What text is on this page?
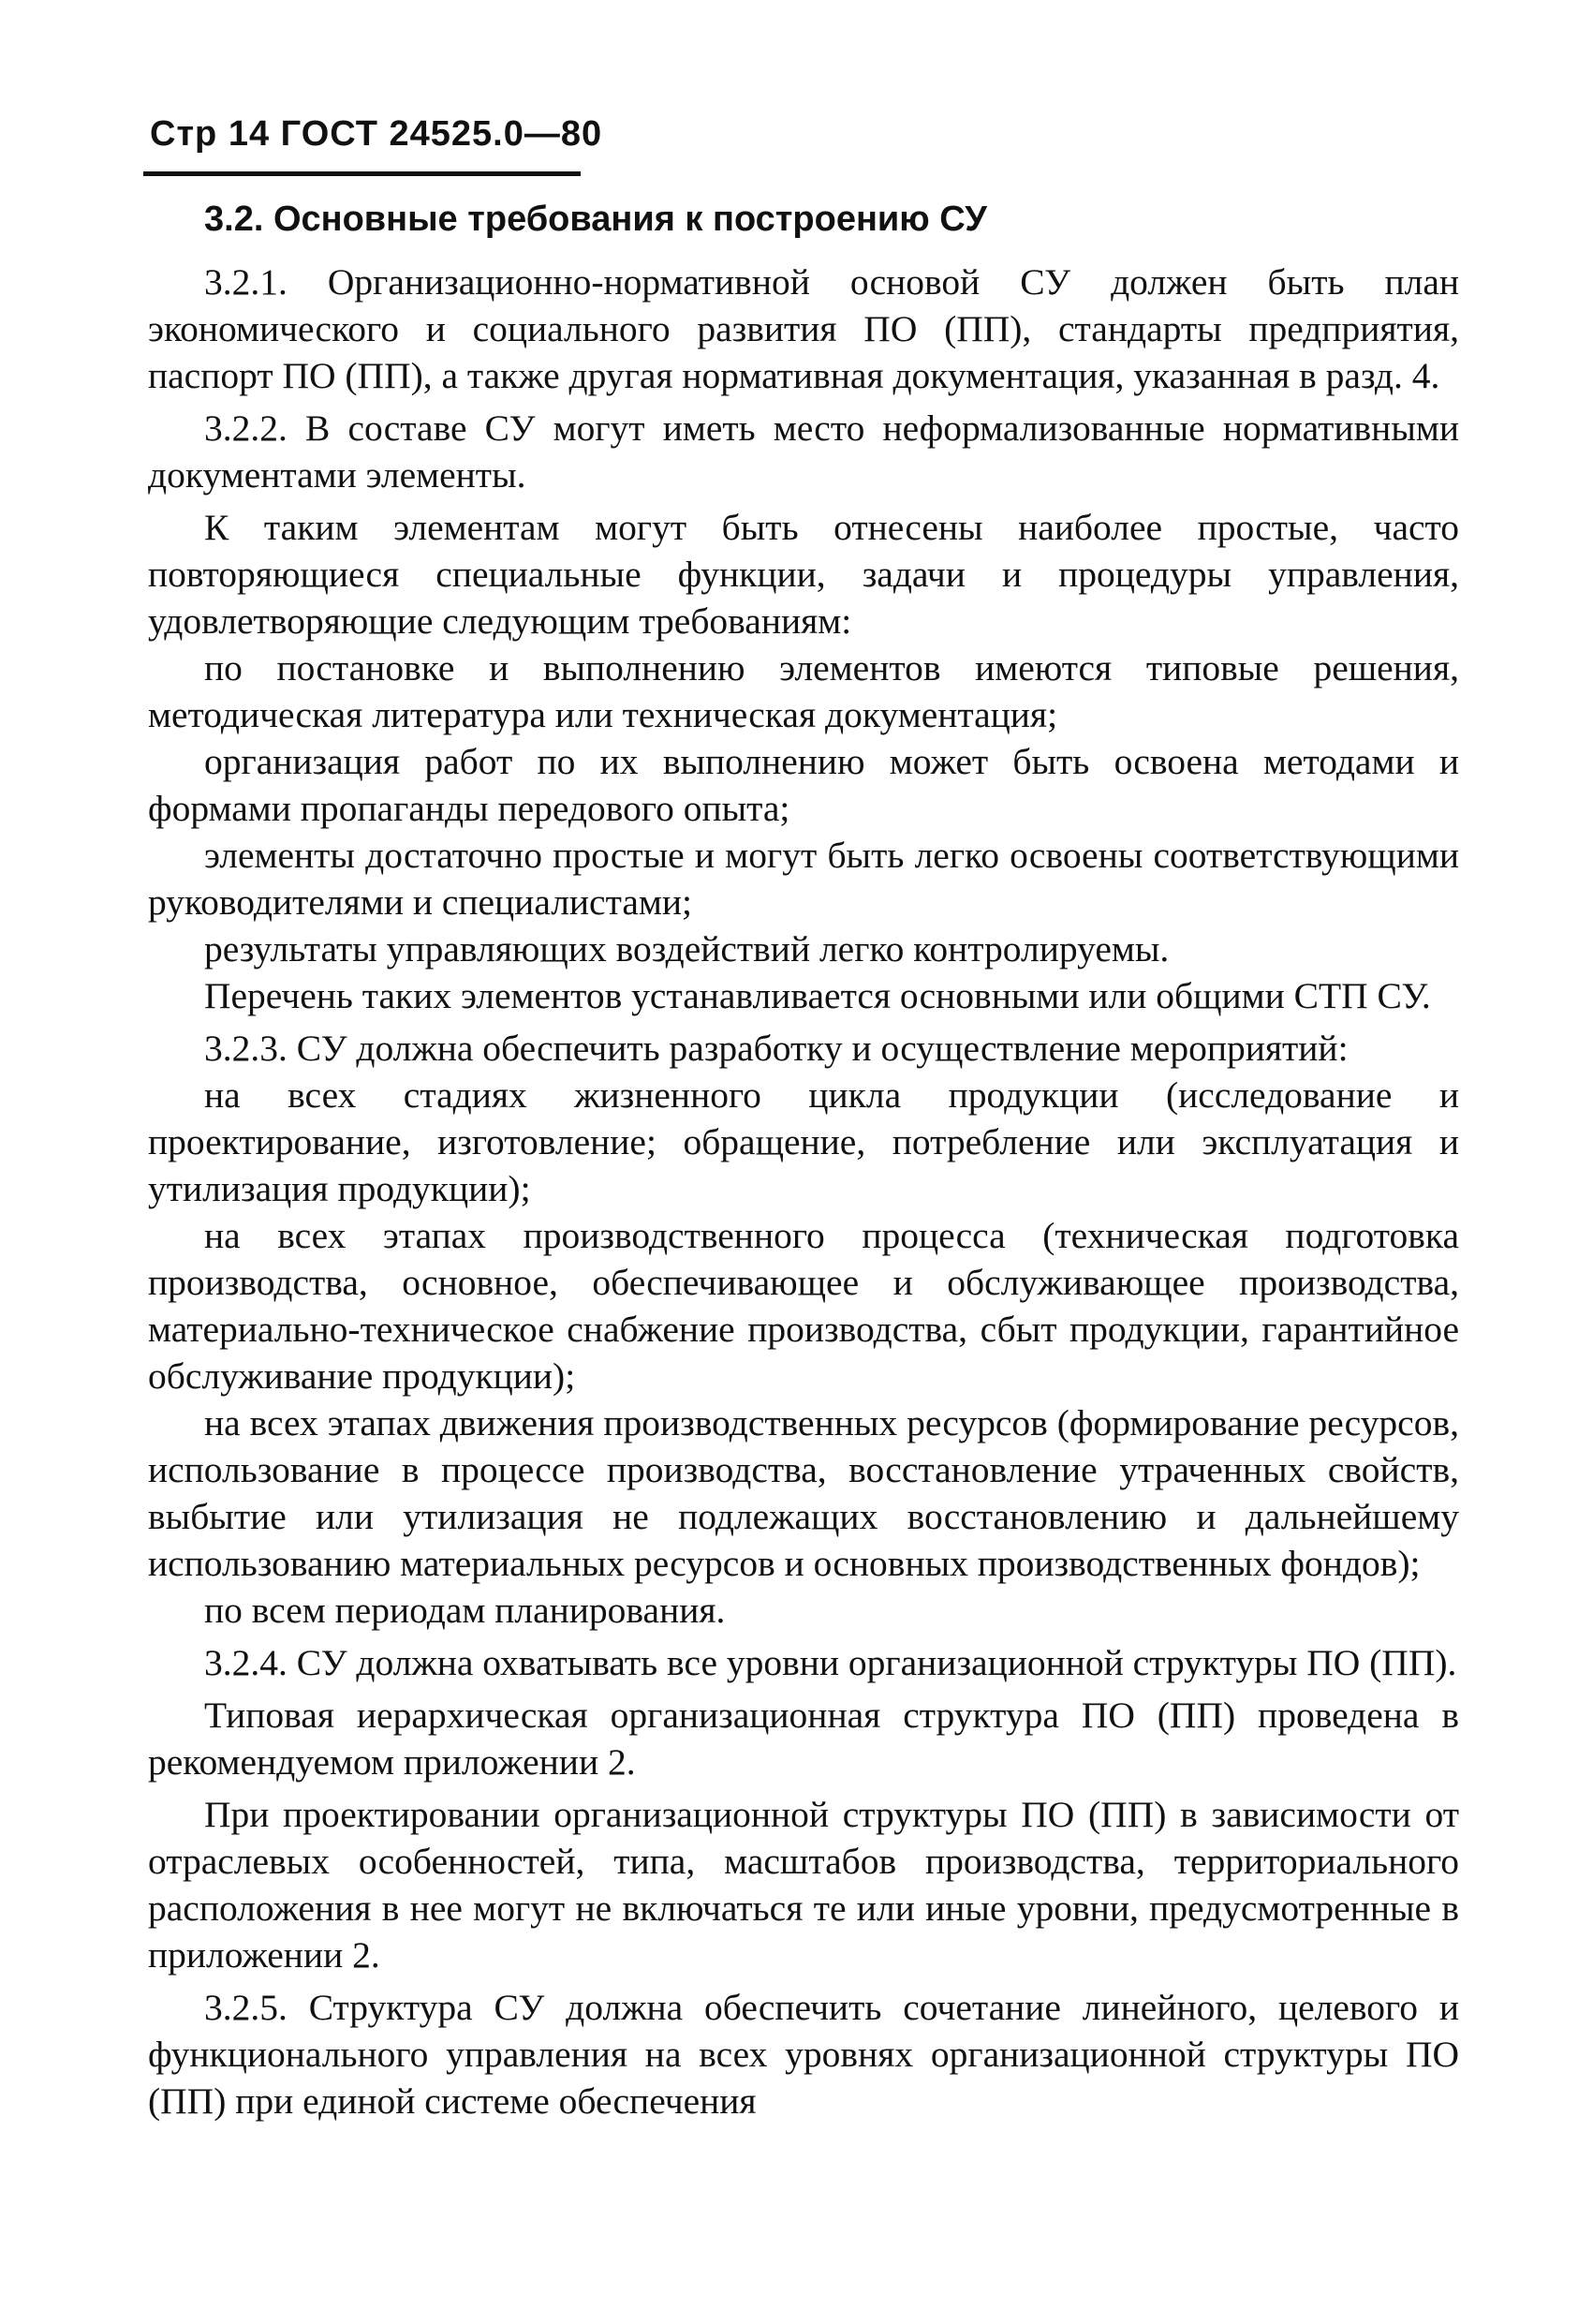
Стр 14 ГОСТ 24525.0—80
3.2. Основные требования к построению СУ

3.2.1. Организационно-нормативной основой СУ должен быть план экономического и социального развития ПО (ПП), стандарты предприятия, паспорт ПО (ПП), а также другая нормативная документация, указанная в разд. 4.

3.2.2. В составе СУ могут иметь место неформализованные нормативными документами элементы.

К таким элементам могут быть отнесены наиболее простые, часто повторяющиеся специальные функции, задачи и процедуры управления, удовлетворяющие следующим требованиям:

по постановке и выполнению элементов имеются типовые решения, методическая литература или техническая документация;

организация работ по их выполнению может быть освоена методами и формами пропаганды передового опыта;

элементы достаточно простые и могут быть легко освоены соответствующими руководителями и специалистами;

результаты управляющих воздействий легко контролируемы.

Перечень таких элементов устанавливается основными или общими СТП СУ.

3.2.3. СУ должна обеспечить разработку и осуществление мероприятий:

на всех стадиях жизненного цикла продукции (исследование и проектирование, изготовление; обращение, потребление или эксплуатация и утилизация продукции);

на всех этапах производственного процесса (техническая подготовка производства, основное, обеспечивающее и обслуживающее производства, материально-техническое снабжение производства, сбыт продукции, гарантийное обслуживание продукции);

на всех этапах движения производственных ресурсов (формирование ресурсов, использование в процессе производства, восстановление утраченных свойств, выбытие или утилизация не подлежащих восстановлению и дальнейшему использованию материальных ресурсов и основных производственных фондов);

по всем периодам планирования.

3.2.4. СУ должна охватывать все уровни организационной структуры ПО (ПП).

Типовая иерархическая организационная структура ПО (ПП) проведена в рекомендуемом приложении 2.

При проектировании организационной структуры ПО (ПП) в зависимости от отраслевых особенностей, типа, масштабов производства, территориального расположения в нее могут не включаться те или иные уровни, предусмотренные в приложении 2.

3.2.5. Структура СУ должна обеспечить сочетание линейного, целевого и функционального управления на всех уровнях организационной структуры ПО (ПП) при единой системе обеспечения
